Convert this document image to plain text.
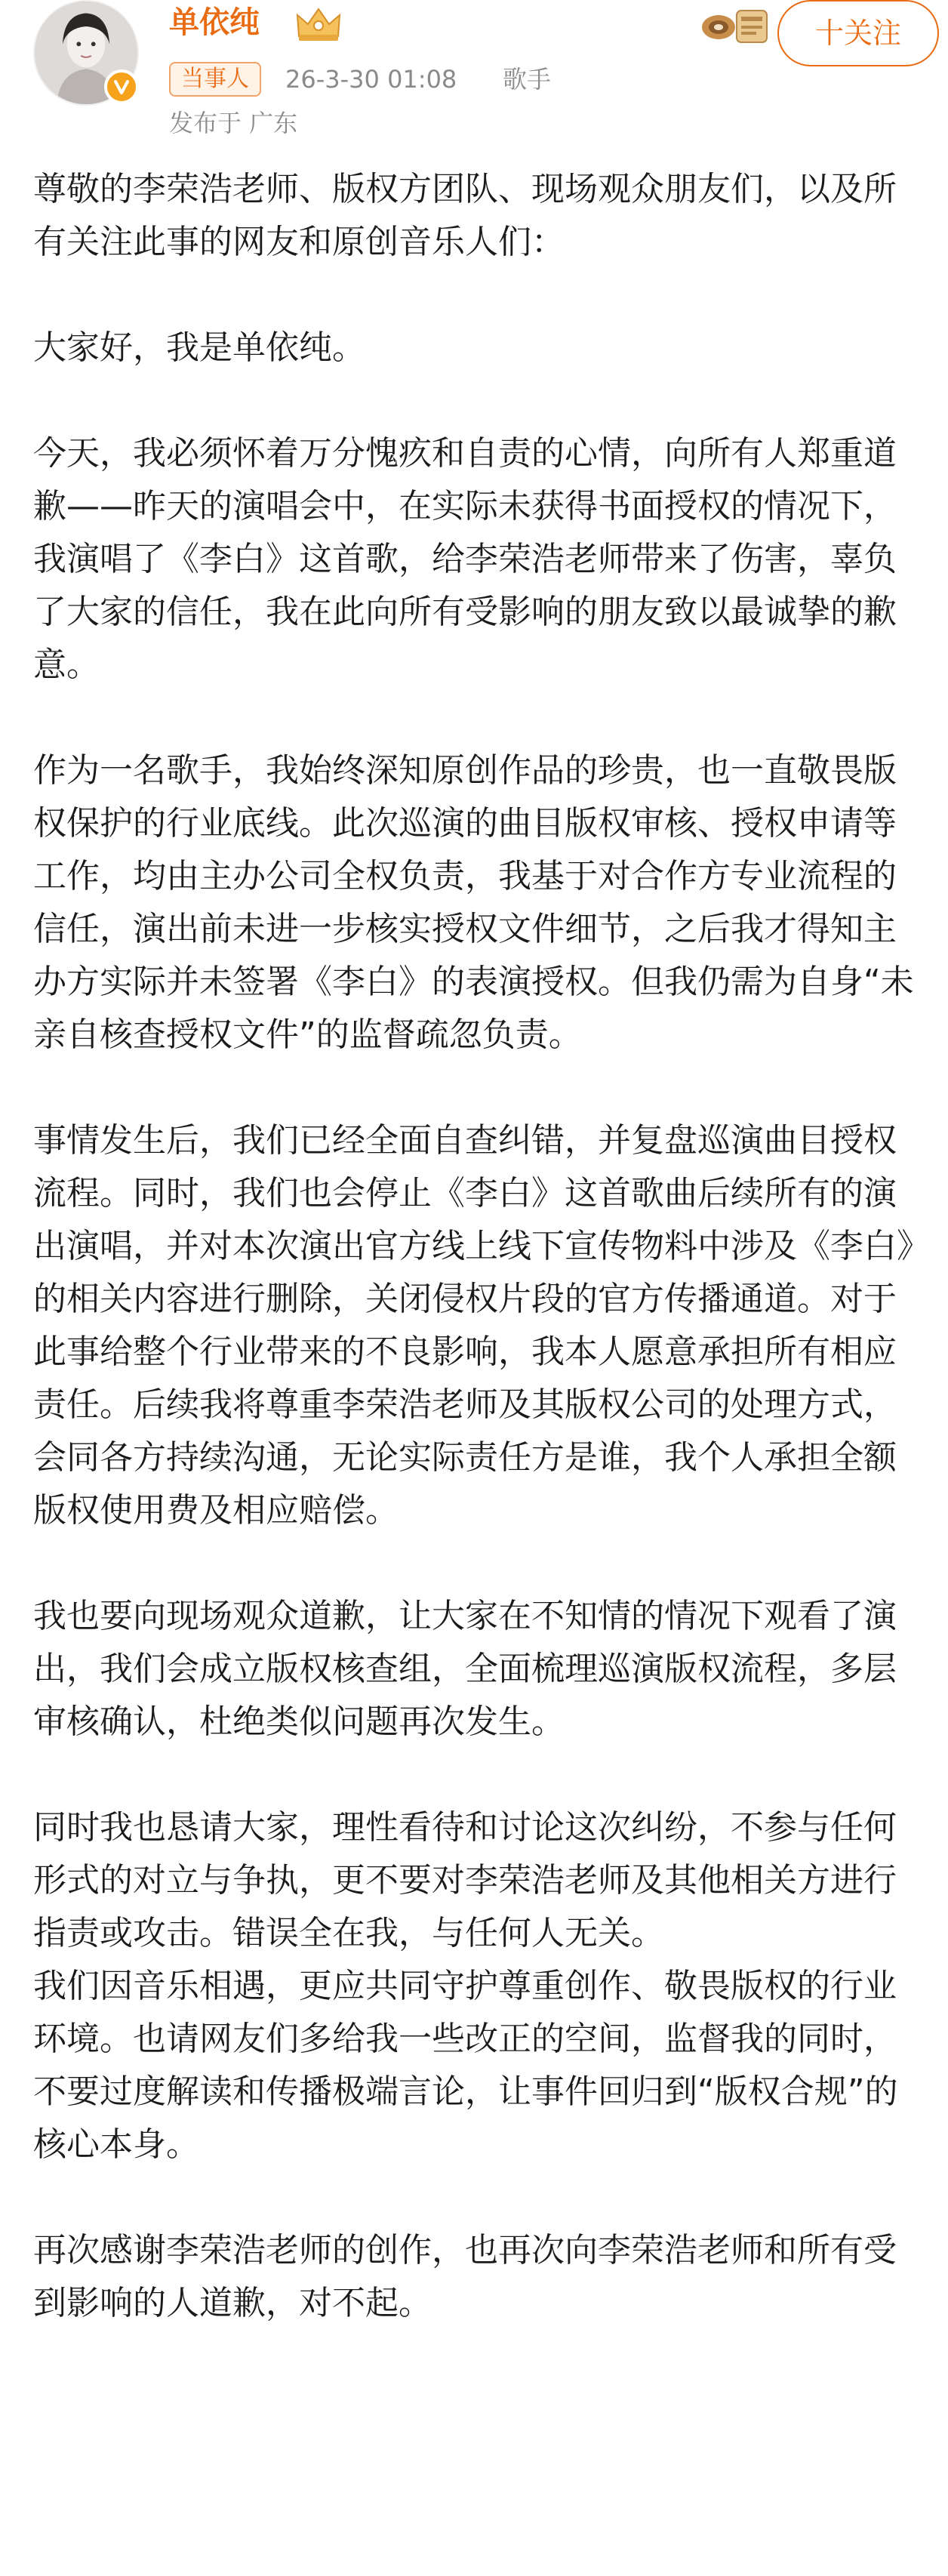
单依纯
当事人	26-3-30 01:08 歌手
发布于 广东
十关注

尊敬的李荣浩老师、版权方团队、现场观众朋友们，以及所有关注此事的网友和原创音乐人们：

大家好，我是单依纯。

今天，我必须怀着万分愧疚和自责的心情，向所有人郑重道歉——昨天的演唱会中，在实际未获得书面授权的情况下，我演唱了《李白》这首歌，给李荣浩老师带来了伤害，辜负了大家的信任，我在此向所有受影响的朋友致以最诚挚的歉意。

作为一名歌手，我始终深知原创作品的珍贵，也一直敬畏版权保护的行业底线。此次巡演的曲目版权审核、授权申请等工作，均由主办公司全权负责，我基于对合作方专业流程的信任，演出前未进一步核实授权文件细节，之后我才得知主办方实际并未签署《李白》的表演授权。但我仍需为自身“未亲自核查授权文件”的监督疏忽负责。

事情发生后，我们已经全面自查纠错，并复盘巡演曲目授权流程。同时，我们也会停止《李白》这首歌曲后续所有的演出演唱，并对本次演出官方线上线下宣传物料中涉及《李白》的相关内容进行删除，关闭侵权片段的官方传播通道。对于此事给整个行业带来的不良影响，我本人愿意承担所有相应责任。后续我将尊重李荣浩老师及其版权公司的处理方式，会同各方持续沟通，无论实际责任方是谁，我个人承担全额版权使用费及相应赔偿。

我也要向现场观众道歉，让大家在不知情的情况下观看了演出，我们会成立版权核查组，全面梳理巡演版权流程，多层审核确认，杜绝类似问题再次发生。

同时我也恳请大家，理性看待和讨论这次纠纷，不参与任何形式的对立与争执，更不要对李荣浩老师及其他相关方进行指责或攻击。错误全在我，与任何人无关。

我们因音乐相遇，更应共同守护尊重创作、敬畏版权的行业环境。也请网友们多给我一些改正的空间，监督我的同时，不要过度解读和传播极端言论，让事件回归到“版权合规”的核心本身。

再次感谢李荣浩老师的创作，也再次向李荣浩老师和所有受到影响的人道歉，对不起。
